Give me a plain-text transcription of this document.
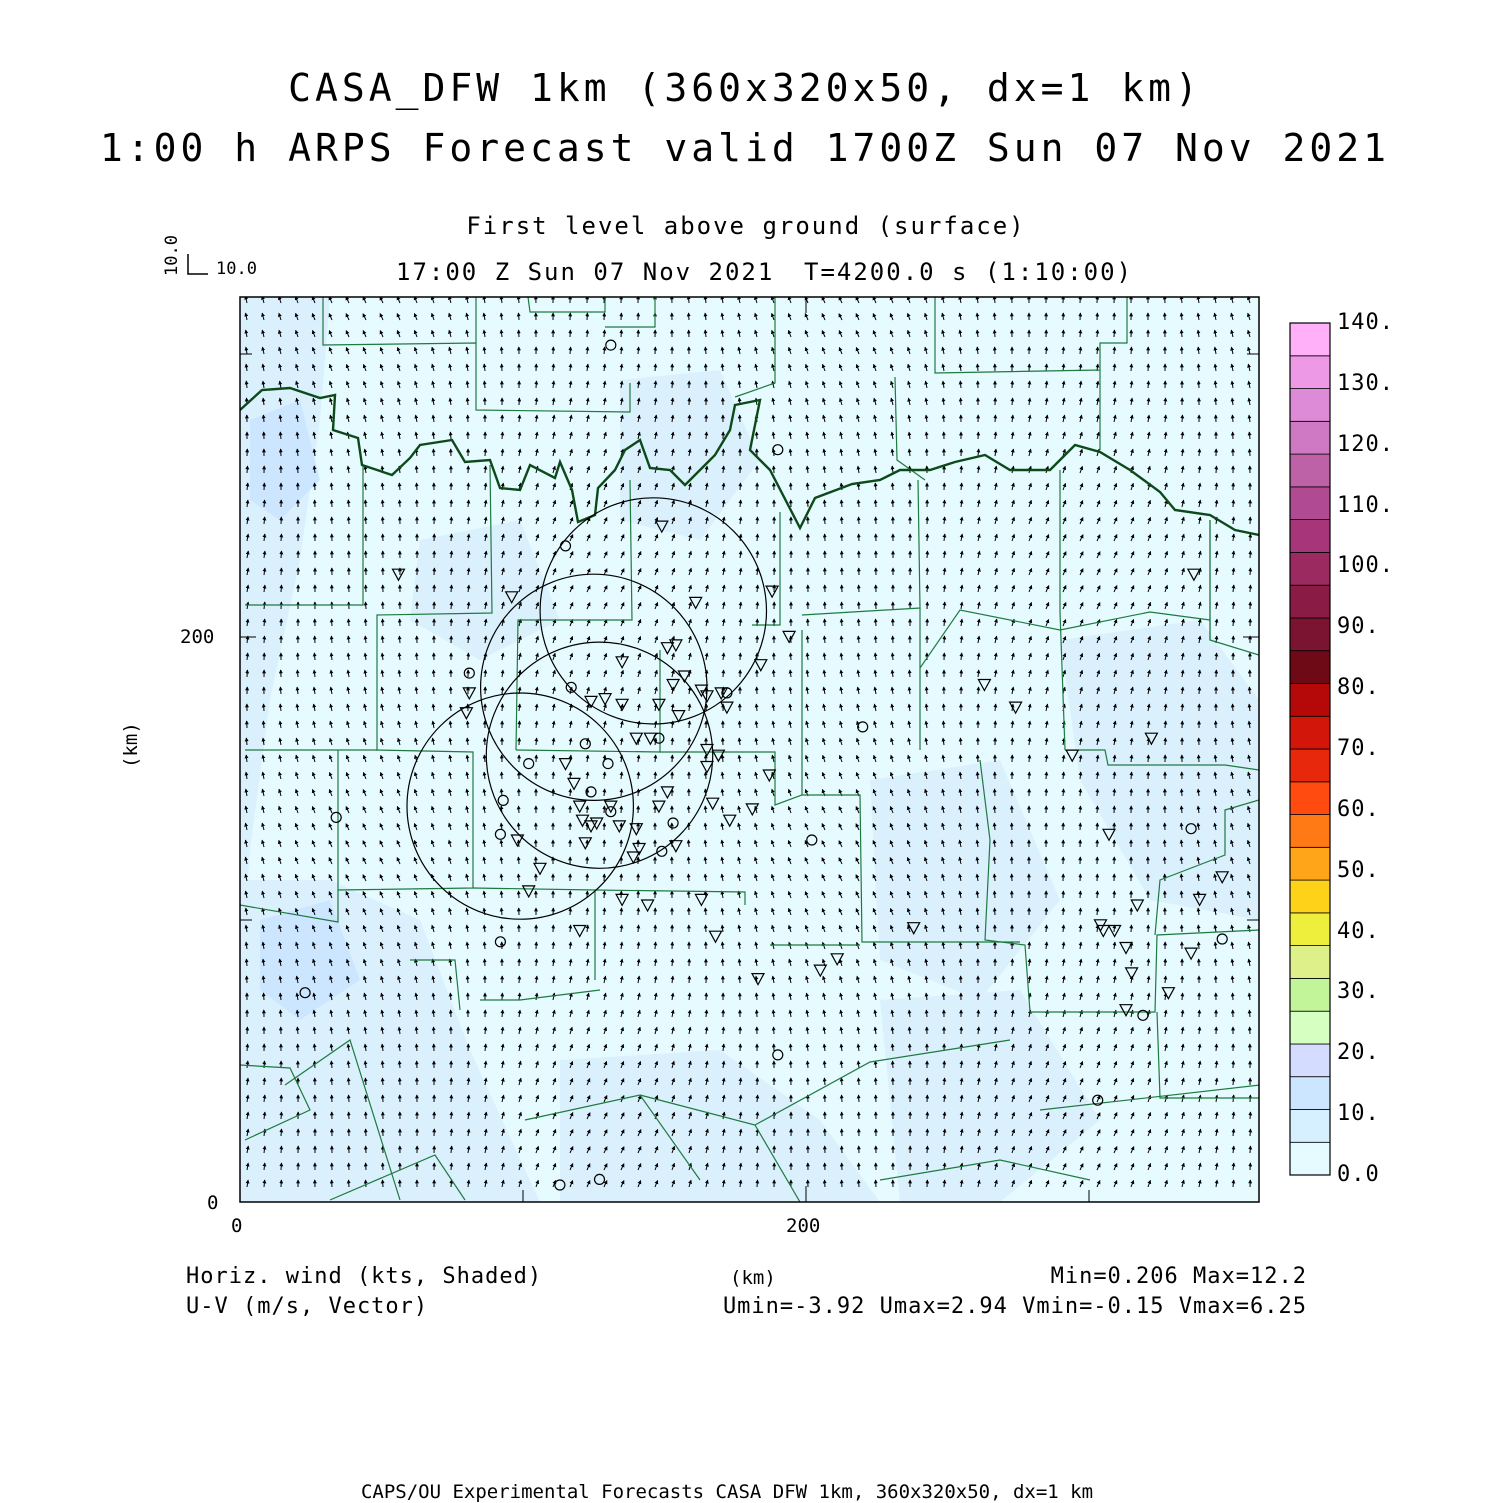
CASA_DFW 1km (360x320x50, dx=1 km)
1:00 h ARPS Forecast valid 1700Z Sun 07 Nov 2021
First level above ground (surface)
17:00 Z Sun 07 Nov 2021 T=4200.0 s (1:10:00)
10.0
10.0
200
0
0	200
(km)
0.0
10.
20.
30.
40.
50.
60.
70.
80.
90.
100.
110.
120.
130.
140.
Horiz. wind (kts, Shaded)
U-V (m/s, Vector)
(km)	Min=0.206 Max=12.2
Umin=-3.92 Umax=2.94 Vmin=-0.15 Vmax=6.25
CAPS/OU Experimental Forecasts CASA DFW 1km, 360x320x50, dx=1 km
